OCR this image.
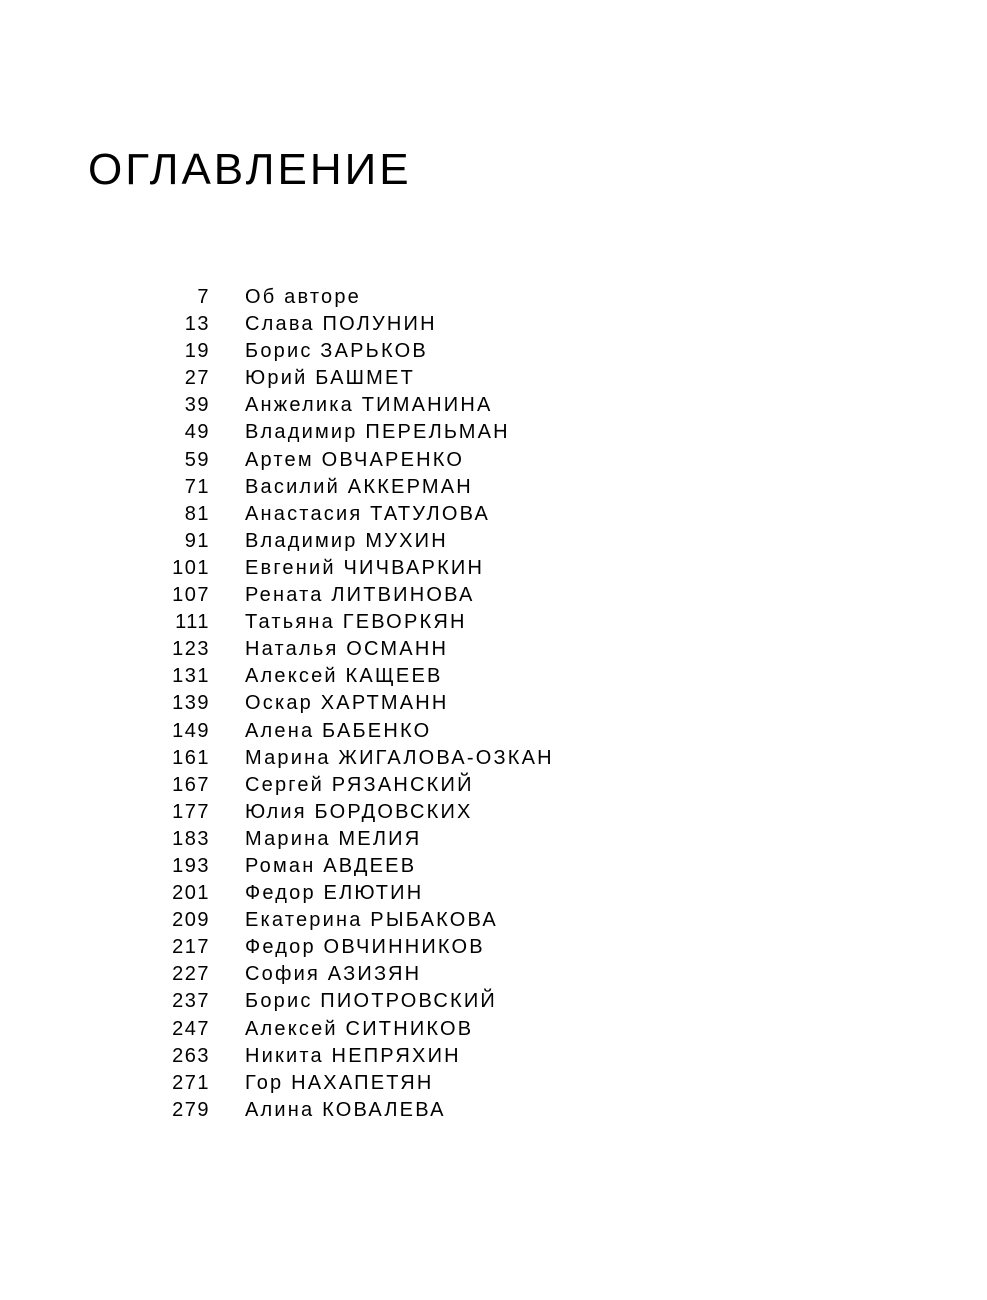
ОГЛАВЛЕНИЕ
7 Об авторе
13 Слава ПОЛУНИН
19 Борис ЗАРЬКОВ
27 Юрий БАШМЕТ
39 Анжелика ТИМАНИНА
49 Владимир ПЕРЕЛЬМАН
59 Артем ОВЧАРЕНКО
71 Василий АККЕРМАН
81 Анастасия ТАТУЛОВА
91 Владимир МУХИН
101 Евгений ЧИЧВАРКИН
107 Рената ЛИТВИНОВА
111 Татьяна ГЕВОРКЯН
123 Наталья ОСМАНН
131 Алексей КАЩЕЕВ
139 Оскар ХАРТМАНН
149 Алена БАБЕНКО
161 Марина ЖИГАЛОВА-ОЗКАН
167 Сергей РЯЗАНСКИЙ
177 Юлия БОРДОВСКИХ
183 Марина МЕЛИЯ
193 Роман АВДЕЕВ
201 Федор ЕЛЮТИН
209 Екатерина РЫБАКОВА
217 Федор ОВЧИННИКОВ
227 София АЗИЗЯН
237 Борис ПИОТРОВСКИЙ
247 Алексей СИТНИКОВ
263 Никита НЕПРЯХИН
271 Гор НАХАПЕТЯН
279 Алина КОВАЛЕВА
